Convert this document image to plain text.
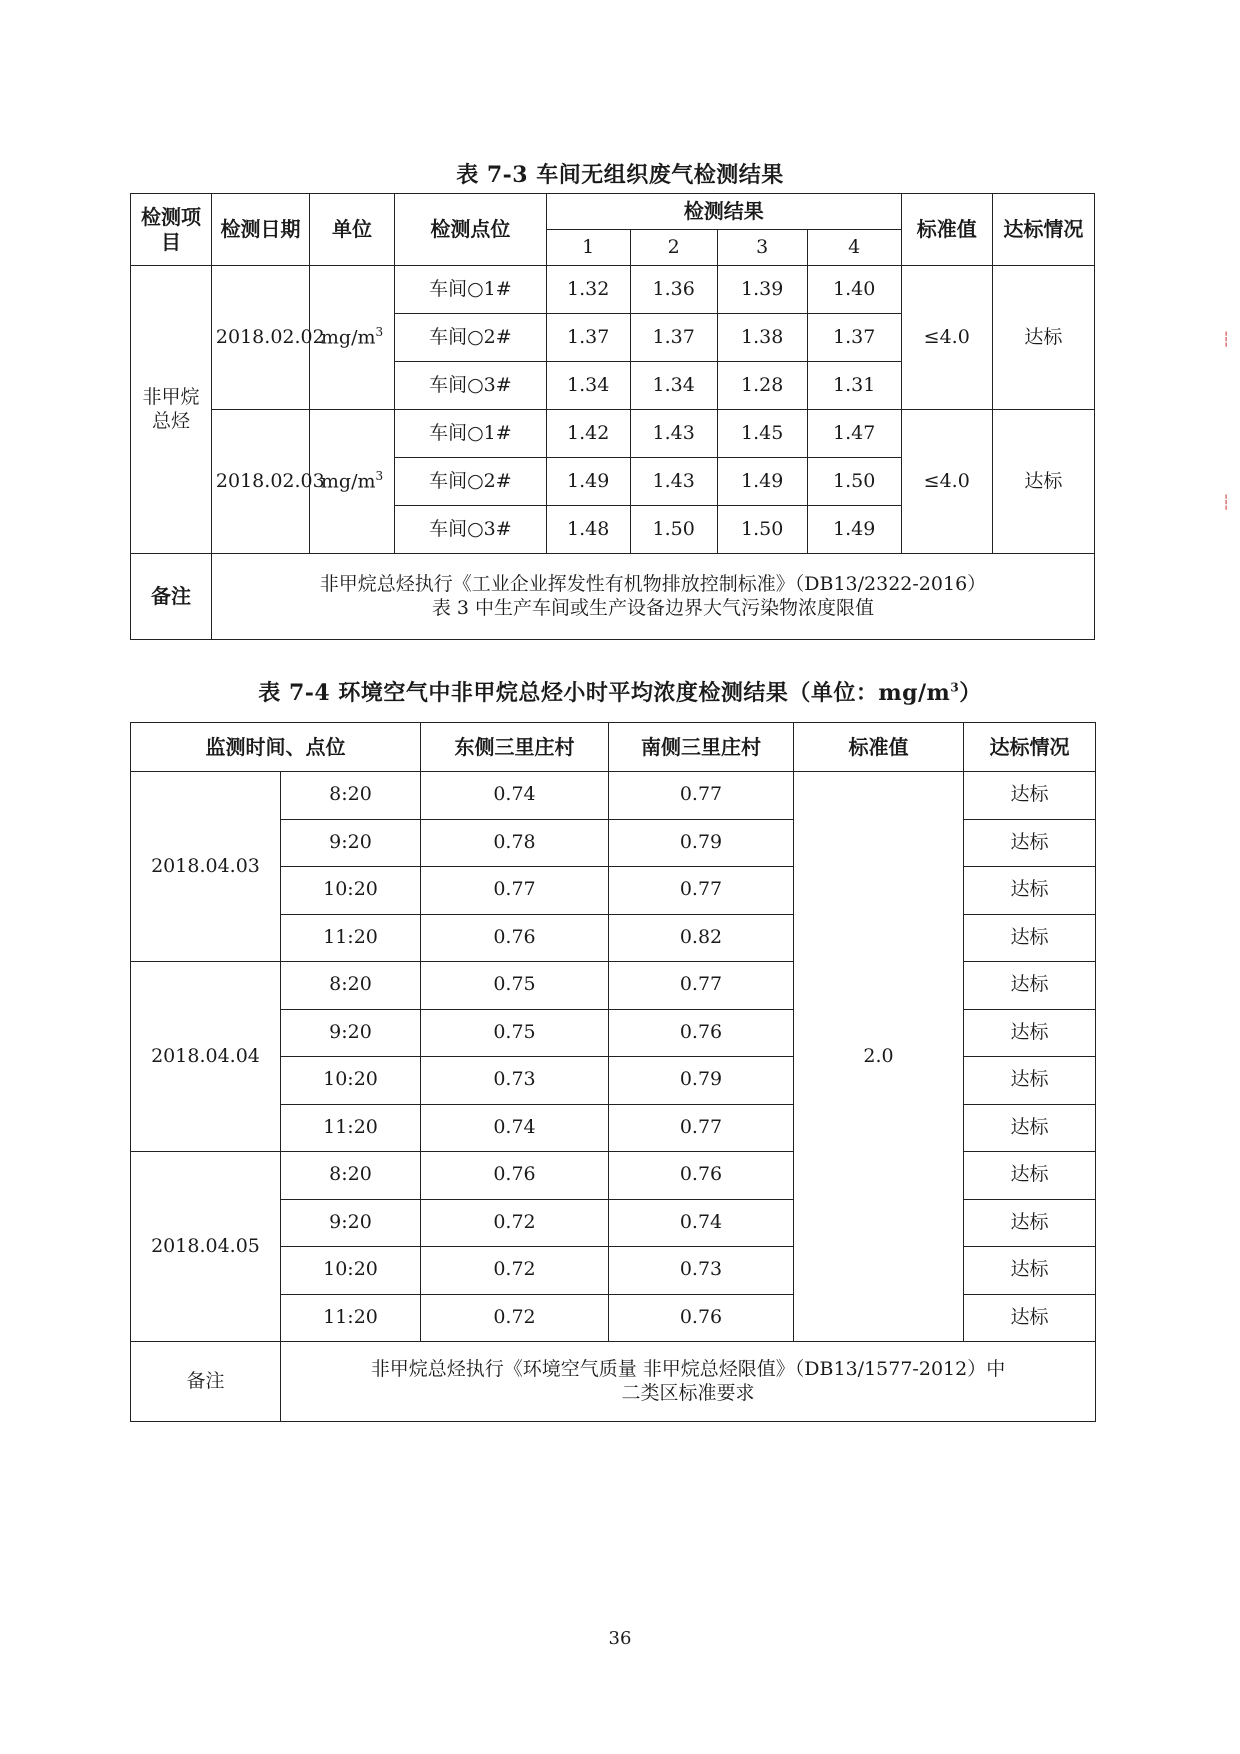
表 7-3 车间无组织废气检测结果
检测项目	检测日期	单位	检测点位	检测结果				标准值	达标情况
				1	2	3	4		
非甲烷总烃	2018.02.02	$mg/m^3$	车间○1#	1.32	1.36	1.39	1.40	≤4.0	达标
			车间○2#	1.37	1.37	1.38	1.37		
			车间○3#	1.34	1.34	1.28	1.31		
	2018.02.03	$mg/m^3$	车间○1#	1.42	1.43	1.45	1.47	≤4.0	达标
			车间○2#	1.49	1.43	1.49	1.50		
			车间○3#	1.48	1.50	1.50	1.49		
备注	非甲烷总烃执行《工业企业挥发性有机物排放控制标准》（DB13/2322-2016）
表 3 中生产车间或生产设备边界大气污染物浓度限值								
表 7-4 环境空气中非甲烷总烃小时平均浓度检测结果（单位：$mg/m^3$）
监测时间、点位		东侧三里庄村	南侧三里庄村	标准值	达标情况
2018.04.03	8:20	0.74	0.77	2.0	达标
	9:20	0.78	0.79		达标
	10:20	0.77	0.77		达标
	11:20	0.76	0.82		达标
2018.04.04	8:20	0.75	0.77		达标
	9:20	0.75	0.76		达标
	10:20	0.73	0.79		达标
	11:20	0.74	0.77		达标
2018.04.05	8:20	0.76	0.76		达标
	9:20	0.72	0.74		达标
	10:20	0.72	0.73		达标
	11:20	0.72	0.76		达标
备注	非甲烷总烃执行《环境空气质量 非甲烷总烃限值》（DB13/1577-2012）中
二类区标准要求				
36
┆
┆
